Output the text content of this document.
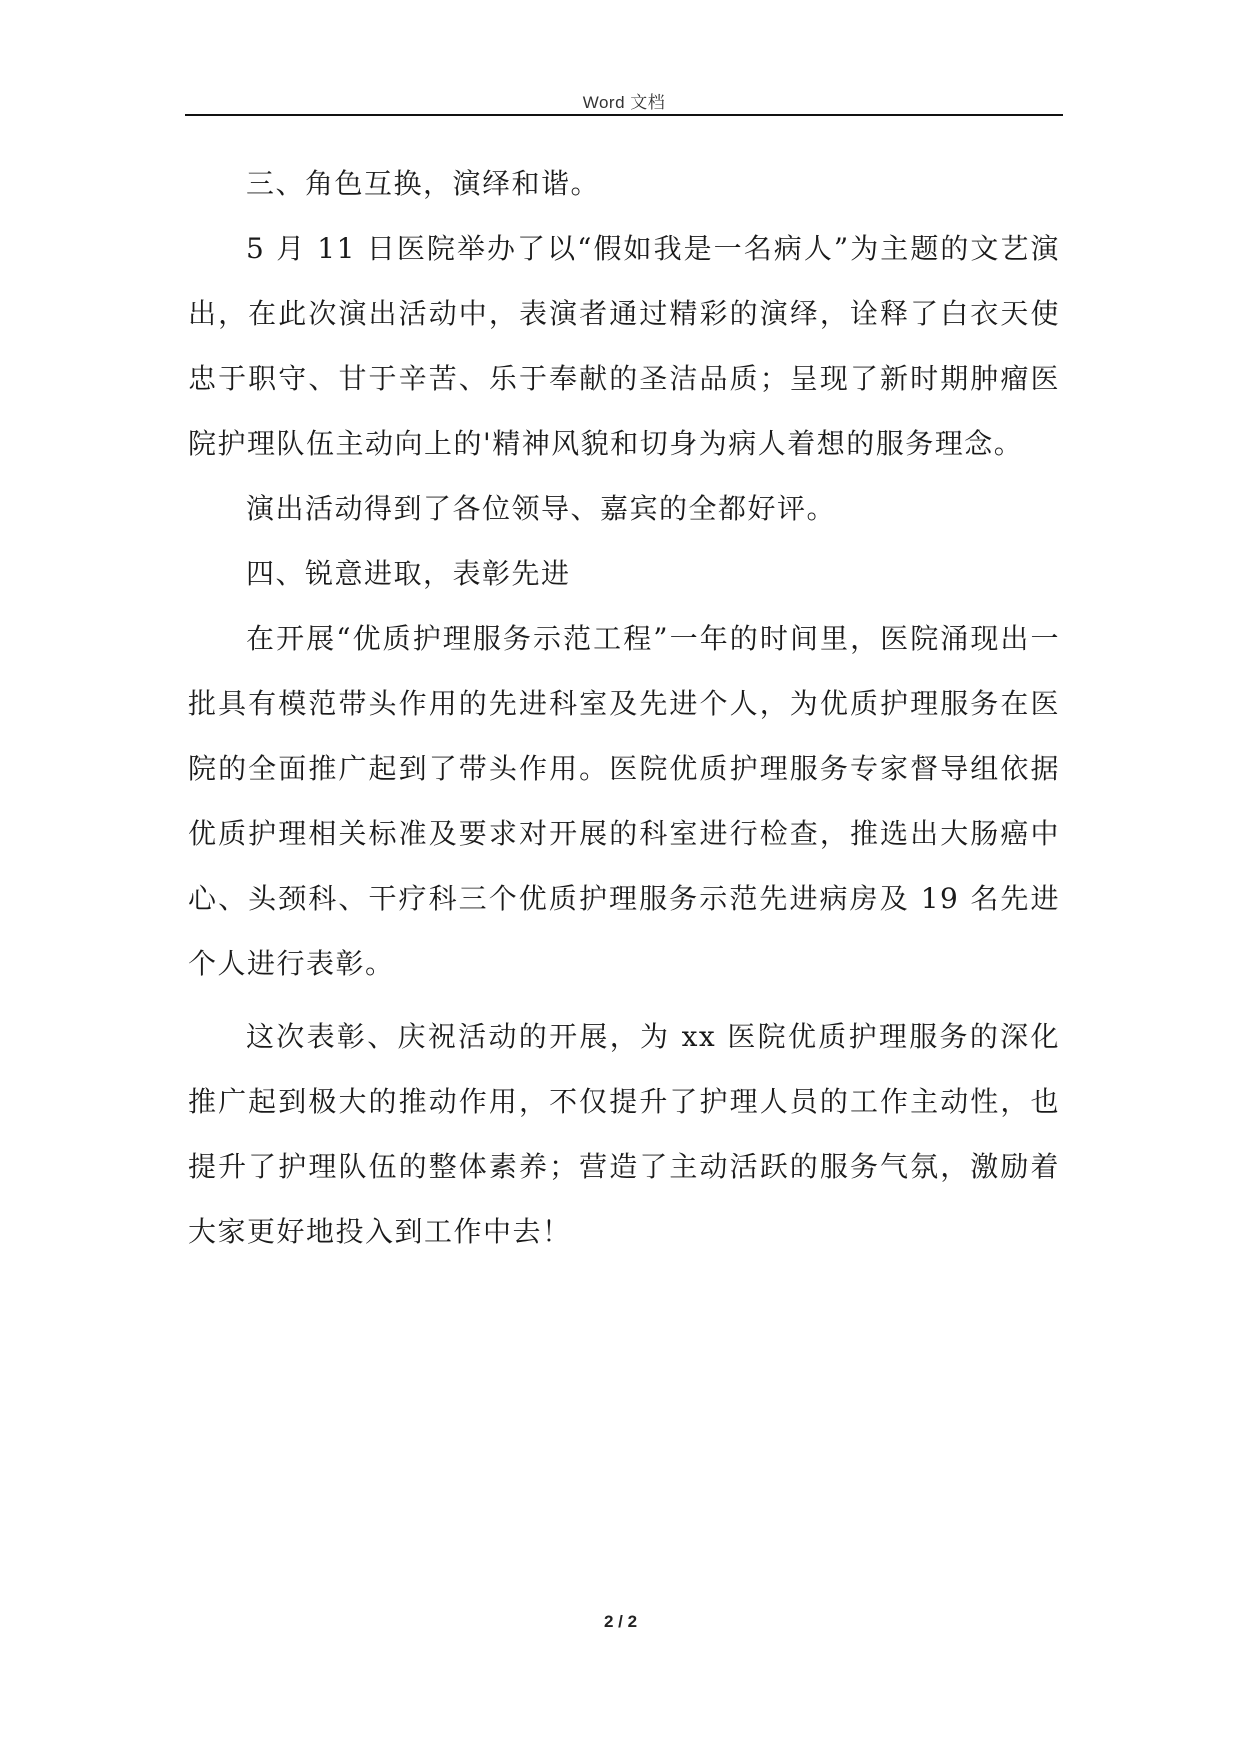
Word 文档

三、角色互换，演绎和谐。

5 月 11 日医院举办了以“假如我是一名病人”为主题的文艺演出，在此次演出活动中，表演者通过精彩的演绎，诠释了白衣天使忠于职守、甘于辛苦、乐于奉献的圣洁品质；呈现了新时期肿瘤医院护理队伍主动向上的'精神风貌和切身为病人着想的服务理念。

演出活动得到了各位领导、嘉宾的全都好评。

四、锐意进取，表彰先进

在开展“优质护理服务示范工程”一年的时间里，医院涌现出一批具有模范带头作用的先进科室及先进个人，为优质护理服务在医院的全面推广起到了带头作用。医院优质护理服务专家督导组依据优质护理相关标准及要求对开展的科室进行检查，推选出大肠癌中心、头颈科、干疗科三个优质护理服务示范先进病房及 19 名先进个人进行表彰。

这次表彰、庆祝活动的开展，为 xx 医院优质护理服务的深化推广起到极大的推动作用，不仅提升了护理人员的工作主动性，也提升了护理队伍的整体素养；营造了主动活跃的服务气氛，激励着大家更好地投入到工作中去！

2 / 2
